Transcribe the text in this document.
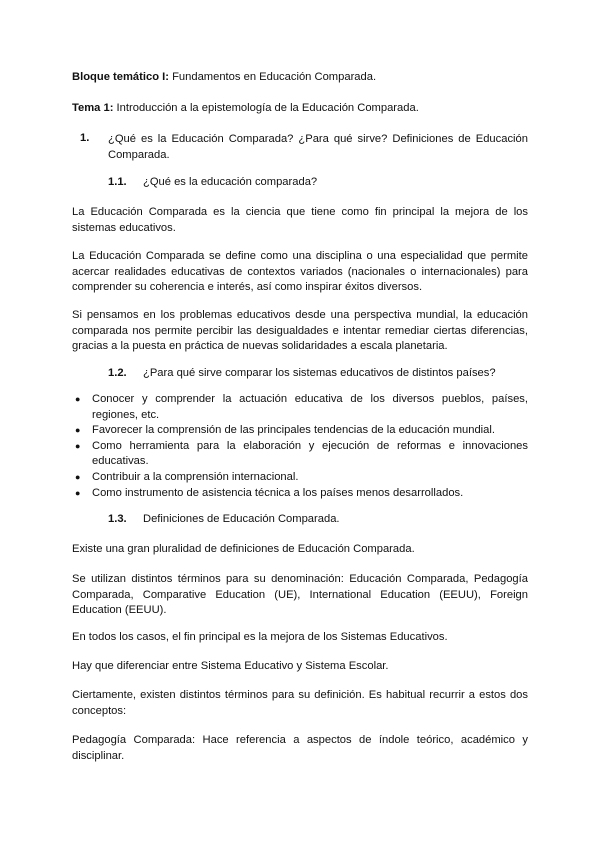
Bloque temático I: Fundamentos en Educación Comparada.
Tema 1: Introducción a la epistemología de la Educación Comparada.
1. ¿Qué es la Educación Comparada? ¿Para qué sirve? Definiciones de Educación Comparada.
1.1. ¿Qué es la educación comparada?
La Educación Comparada es la ciencia que tiene como fin principal la mejora de los sistemas educativos.
La Educación Comparada se define como una disciplina o una especialidad que permite acercar realidades educativas de contextos variados (nacionales o internacionales) para comprender su coherencia e interés, así como inspirar éxitos diversos.
Si pensamos en los problemas educativos desde una perspectiva mundial, la educación comparada nos permite percibir las desigualdades e intentar remediar ciertas diferencias, gracias a la puesta en práctica de nuevas solidaridades a escala planetaria.
1.2. ¿Para qué sirve comparar los sistemas educativos de distintos países?
● Conocer y comprender la actuación educativa de los diversos pueblos, países, regiones, etc.
● Favorecer la comprensión de las principales tendencias de la educación mundial.
● Como herramienta para la elaboración y ejecución de reformas e innovaciones educativas.
● Contribuir a la comprensión internacional.
● Como instrumento de asistencia técnica a los países menos desarrollados.
1.3. Definiciones de Educación Comparada.
Existe una gran pluralidad de definiciones de Educación Comparada.
Se utilizan distintos términos para su denominación: Educación Comparada, Pedagogía Comparada, Comparative Education (UE), International Education (EEUU), Foreign Education (EEUU).
En todos los casos, el fin principal es la mejora de los Sistemas Educativos.
Hay que diferenciar entre Sistema Educativo y Sistema Escolar.
Ciertamente, existen distintos términos para su definición. Es habitual recurrir a estos dos conceptos:
Pedagogía Comparada: Hace referencia a aspectos de índole teórico, académico y disciplinar.
